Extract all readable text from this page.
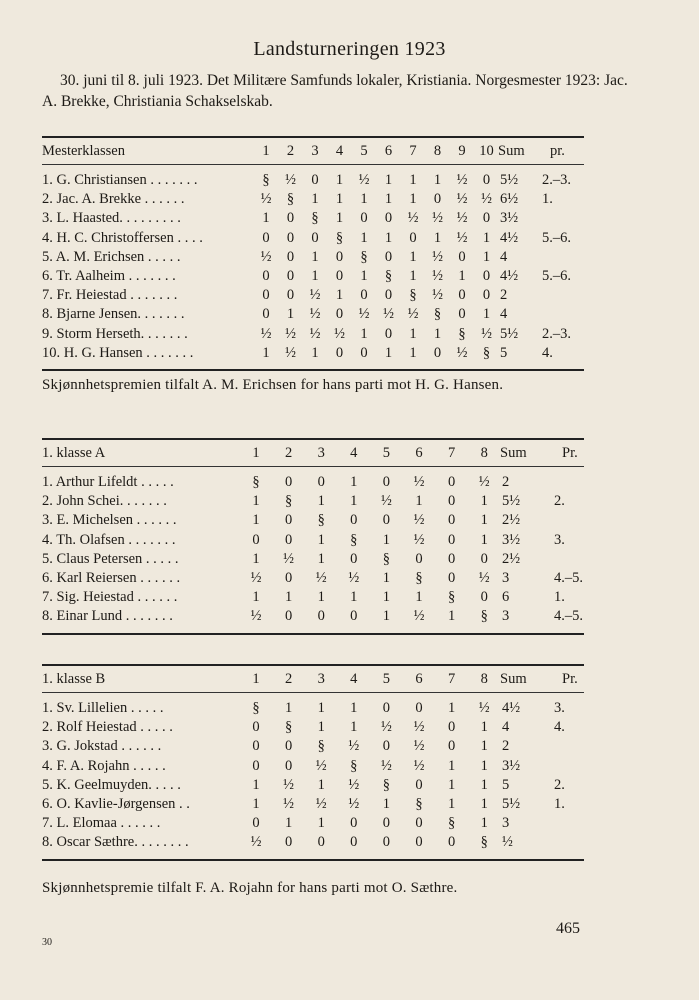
Landsturneringen 1923
30. juni til 8. juli 1923. Det Militære Samfunds lokaler, Kristiania. Norgesmester 1923: Jac. A. Brekke, Christiania Schakselskab.
Mesterklassen	1	2	3	4	5	6	7	8	9 10 Sum pr.
1. G. Christiansen . . . . . . .	§	½	0	1	½	1	1	1	½	0 5½ 2.–3.
2. Jac. A. Brekke . . . . . .	½	§	1	1	1	1	1	0	½ ½ 6½ 1.
3. L. Haasted. . . . . . . . .	1	0	§	1	0	0	½ ½ ½	0 3½
4. H. C. Christoffersen . . . .	0	0	0	§	1	1	0	1	½	1 4½ 5.–6.
5. A. M. Erichsen . . . . .	½	0	1	0	§	0	1	½	0	1 4
6. Tr. Aalheim . . . . . . .	0	0	1	0	1	§	1	½	1	0 4½ 5.–6.
7. Fr. Heiestad . . . . . . .	0	0	½	1	0	0	§	½	0	0 2
8. Bjarne Jensen. . . . . . .	0	1	½	0	½ ½ ½	§	0	1 4
9. Storm Herseth. . . . . . .	½ ½ ½ ½	1	0	1	1	§	½ 5½ 2.–3.
10. H. G. Hansen . . . . . . .	1	½	1	0	0	1	1	0	½	§ 5 4.
Skjønnhetspremien tilfalt A. M. Erichsen for hans parti mot H. G. Hansen.
1. klasse A	1	2	3	4	5	6	7	8 Sum Pr.
1. Arthur Lifeldt . . . . .	§	0	0	1	0	½	0	½ 2
2. John Schei. . . . . . .	1	§	1	1	½	1	0	1 5½ 2.
3. E. Michelsen . . . . . .	1	0	§	0	0	½	0	1 2½
4. Th. Olafsen . . . . . . .	0	0	1	§	1	½	0	1 3½ 3.
5. Claus Petersen . . . . .	1	½	1	0	§	0	0	0 2½
6. Karl Reiersen . . . . . .	½	0	½	½	1	§	0	½ 3	4.–5.
7. Sig. Heiestad . . . . . .	1	1	1	1	1	1	§	0 6	1.
8. Einar Lund . . . . . . .	½	0	0	0	1	½	1	§ 3	4.–5.
1. klasse B	1	2	3	4	5	6	7	8 Sum Pr.
1. Sv. Lillelien . . . . .	§	1	1	1	0	0	1	½ 4½ 3.
2. Rolf Heiestad . . . . .	0	§	1	1	½	½	0	1 4	4.
3. G. Jokstad . . . . . .	0	0	§	½	0	½	0	1 2
4. F. A. Rojahn . . . . .	0	0	½	§	½	½	1	1 3½
5. K. Geelmuyden. . . . .	1	½	1	½	§	0	1	1 5	2.
6. O. Kavlie-Jørgensen . .	1	½	½	½	1	§	1	1 5½ 1.
7. L. Elomaa . . . . . .	0	1	1	0	0	0	§	1 3
8. Oscar Sæthre. . . . . . . .	½	0	0	0	0	0	0	§ ½
Skjønnhetspremie tilfalt F. A. Rojahn for hans parti mot O. Sæthre.
30
465
